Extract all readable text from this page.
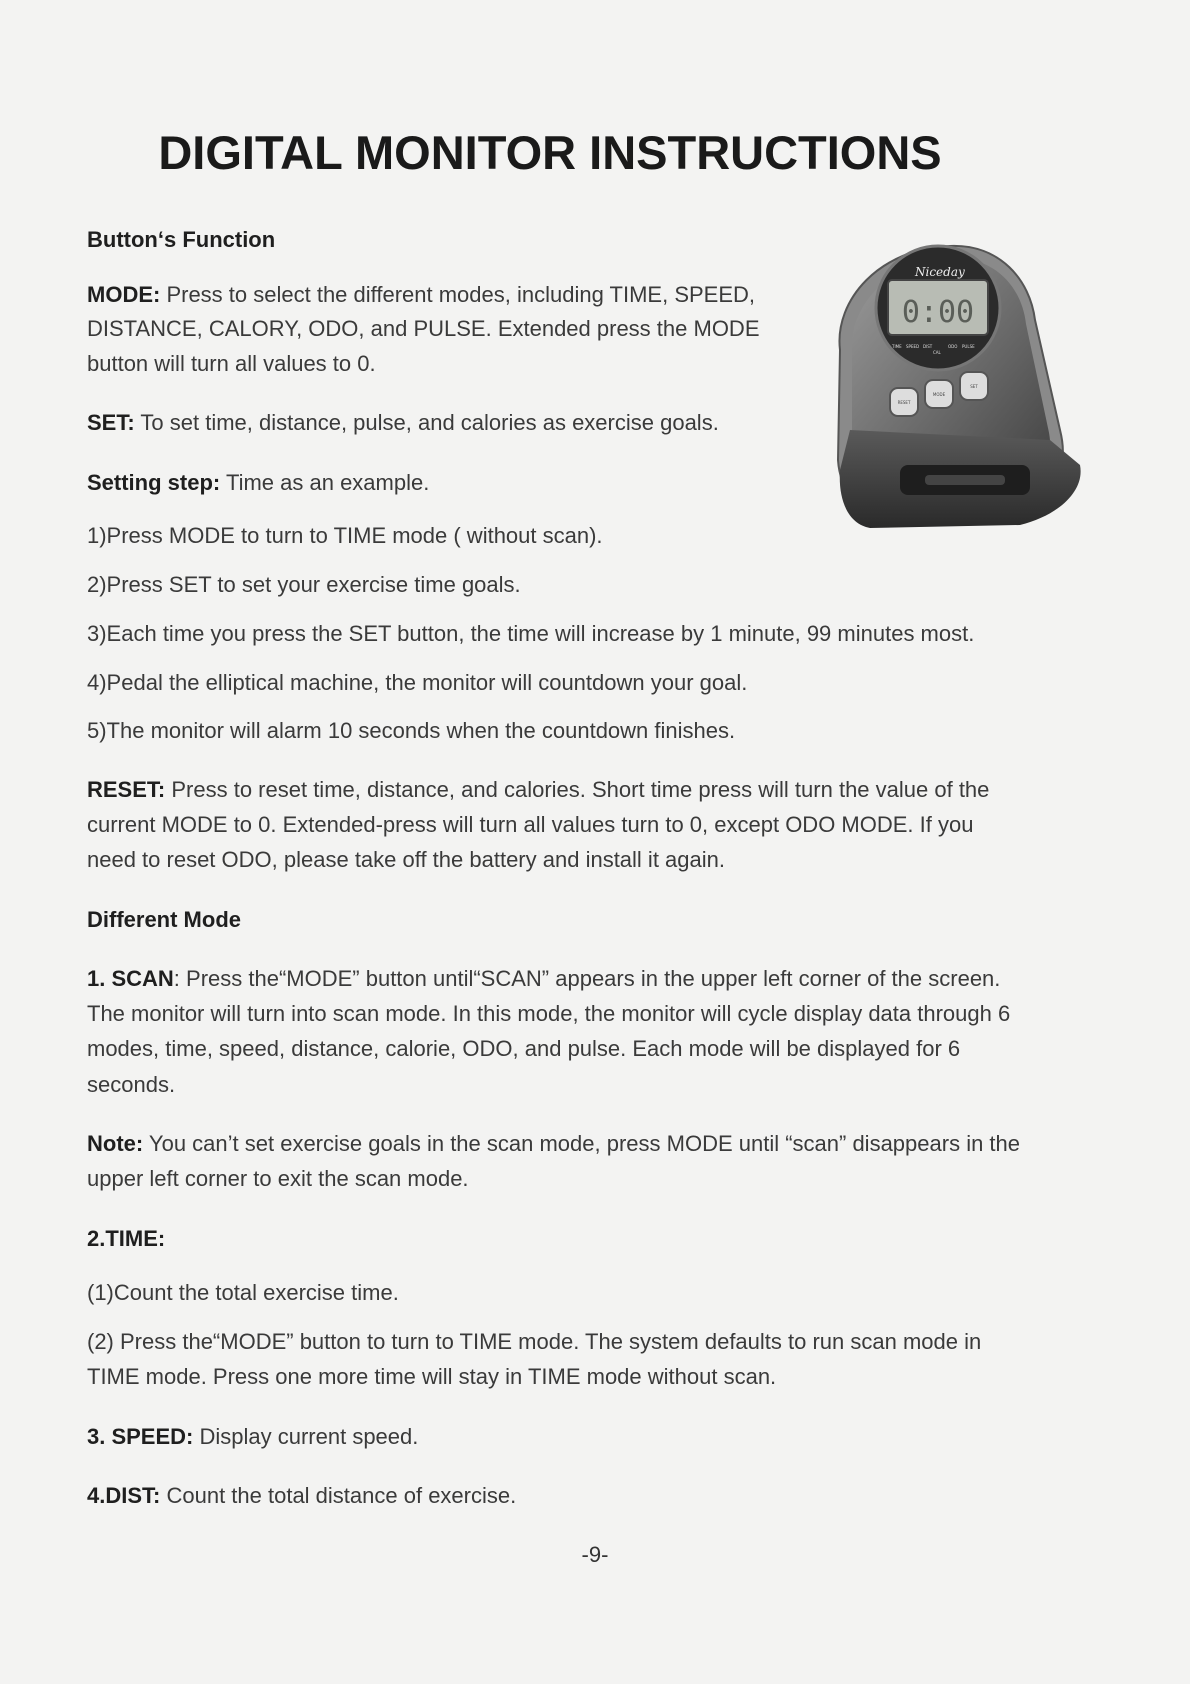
DIGITAL MONITOR INSTRUCTIONS
Button‘s Function
MODE: Press to select the different modes, including TIME, SPEED,
DISTANCE, CALORY, ODO, and PULSE. Extended press the MODE
button will turn all values to 0.
SET: To set time, distance, pulse, and calories as exercise goals.
Setting step: Time as an example.
1)Press MODE to turn to TIME mode ( without scan).
2)Press SET to set your exercise time goals.
3)Each time you press the SET button, the time will increase by 1 minute, 99 minutes most.
4)Pedal the elliptical machine, the monitor will countdown your goal.
5)The monitor will alarm 10 seconds when the countdown finishes.
RESET: Press to reset time, distance, and calories. Short time press will turn the value of the
current MODE to 0. Extended-press will turn all values turn to 0, except ODO MODE. If you
need to reset ODO, please take off the battery and install it again.
Different Mode
1. SCAN: Press the“MODE” button until“SCAN” appears in the upper left corner of the screen.
The monitor will turn into scan mode. In this mode, the monitor will cycle display data through 6
modes, time, speed, distance, calorie, ODO, and pulse. Each mode will be displayed for 6
seconds.
Note: You can’t set exercise goals in the scan mode, press MODE until “scan” disappears in the
upper left corner to exit the scan mode.
2.TIME:
(1)Count the total exercise time.
(2) Press the“MODE” button to turn to TIME mode. The system defaults to run scan mode in
TIME mode. Press one more time will stay in TIME mode without scan.
3. SPEED: Display current speed.
4.DIST: Count the total distance of exercise.
-9-
0:00
Niceday
TIME SPEED DIST
CAL
ODO PULSE
RESET
MODE
SET
